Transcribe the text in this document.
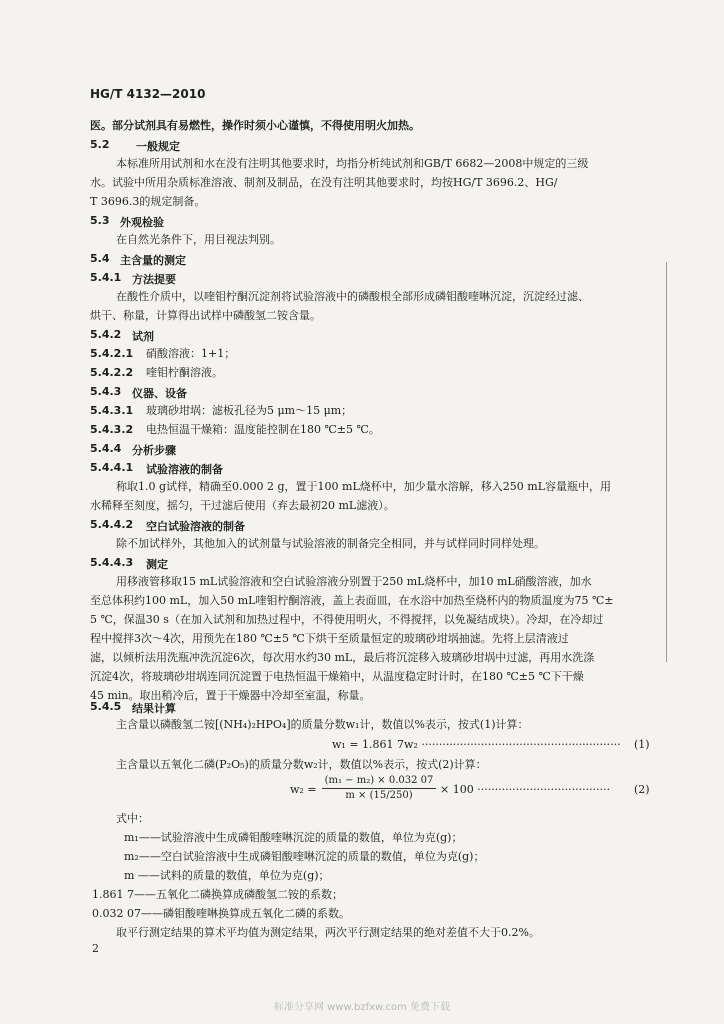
HG/T 4132—2010
医。部分试剂具有易燃性，操作时须小心谨慎，不得使用明火加热。
5.2 一般规定
本标准所用试剂和水在没有注明其他要求时，均指分析纯试剂和GB/T 6682—2008中规定的三级
水。试验中所用杂质标准溶液、制剂及制品，在没有注明其他要求时，均按HG/T 3696.2、HG/
T 3696.3的规定制备。
5.3 外观检验
在自然光条件下，用目视法判别。
5.4 主含量的测定
5.4.1 方法提要
在酸性介质中，以喹钼柠酮沉淀剂将试验溶液中的磷酸根全部形成磷钼酸喹啉沉淀，沉淀经过滤、
烘干、称量，计算得出试样中磷酸氢二铵含量。
5.4.2 试剂
5.4.2.1 硝酸溶液：1+1；
5.4.2.2 喹钼柠酮溶液。
5.4.3 仪器、设备
5.4.3.1 玻璃砂坩埚：滤板孔径为5 μm～15 μm；
5.4.3.2 电热恒温干燥箱：温度能控制在180 ℃±5 ℃。
5.4.4 分析步骤
5.4.4.1 试验溶液的制备
称取1.0 g试样，精确至0.000 2 g，置于100 mL烧杯中，加少量水溶解，移入250 mL容量瓶中，用
水稀释至刻度，摇匀，干过滤后使用（弃去最初20 mL滤液）。
5.4.4.2 空白试验溶液的制备
除不加试样外，其他加入的试剂量与试验溶液的制备完全相同，并与试样同时同样处理。
5.4.4.3 测定
用移液管移取15 mL试验溶液和空白试验溶液分别置于250 mL烧杯中，加10 mL硝酸溶液，加水
至总体积约100 mL，加入50 mL喹钼柠酮溶液，盖上表面皿，在水浴中加热至烧杯内的物质温度为75 ℃±
5 ℃，保温30 s（在加入试剂和加热过程中，不得使用明火，不得搅拌，以免凝结成块）。冷却，在冷却过
程中搅拌3次～4次，用预先在180 ℃±5 ℃下烘干至质量恒定的玻璃砂坩埚抽滤。先将上层清液过
滤，以倾析法用洗瓶冲洗沉淀6次，每次用水约30 mL，最后将沉淀移入玻璃砂坩埚中过滤，再用水洗涤
沉淀4次，将玻璃砂坩埚连同沉淀置于电热恒温干燥箱中，从温度稳定时计时，在180 ℃±5 ℃下干燥
45 min。取出稍冷后，置于干燥器中冷却至室温，称量。
5.4.5 结果计算
主含量以磷酸氢二铵[(NH₄)₂HPO₄]的质量分数w₁计，数值以%表示，按式(1)计算：
w₁ = 1.861 7w₂ ························································· (1)
主含量以五氧化二磷(P₂O₅)的质量分数w₂计，数值以%表示，按式(2)计算：
w₂ =
(m₁ − m₂) × 0.032 07
m × (15/250)	× 100 ······································ (2)
式中：
m₁——试验溶液中生成磷钼酸喹啉沉淀的质量的数值，单位为克(g)；
m₂——空白试验溶液中生成磷钼酸喹啉沉淀的质量的数值，单位为克(g)；
m ——试料的质量的数值，单位为克(g)；
1.861 7——五氧化二磷换算成磷酸氢二铵的系数；
0.032 07——磷钼酸喹啉换算成五氧化二磷的系数。
取平行测定结果的算术平均值为测定结果，两次平行测定结果的绝对差值不大于0.2%。
2
标准分享网 www.bzfxw.com 免费下载
